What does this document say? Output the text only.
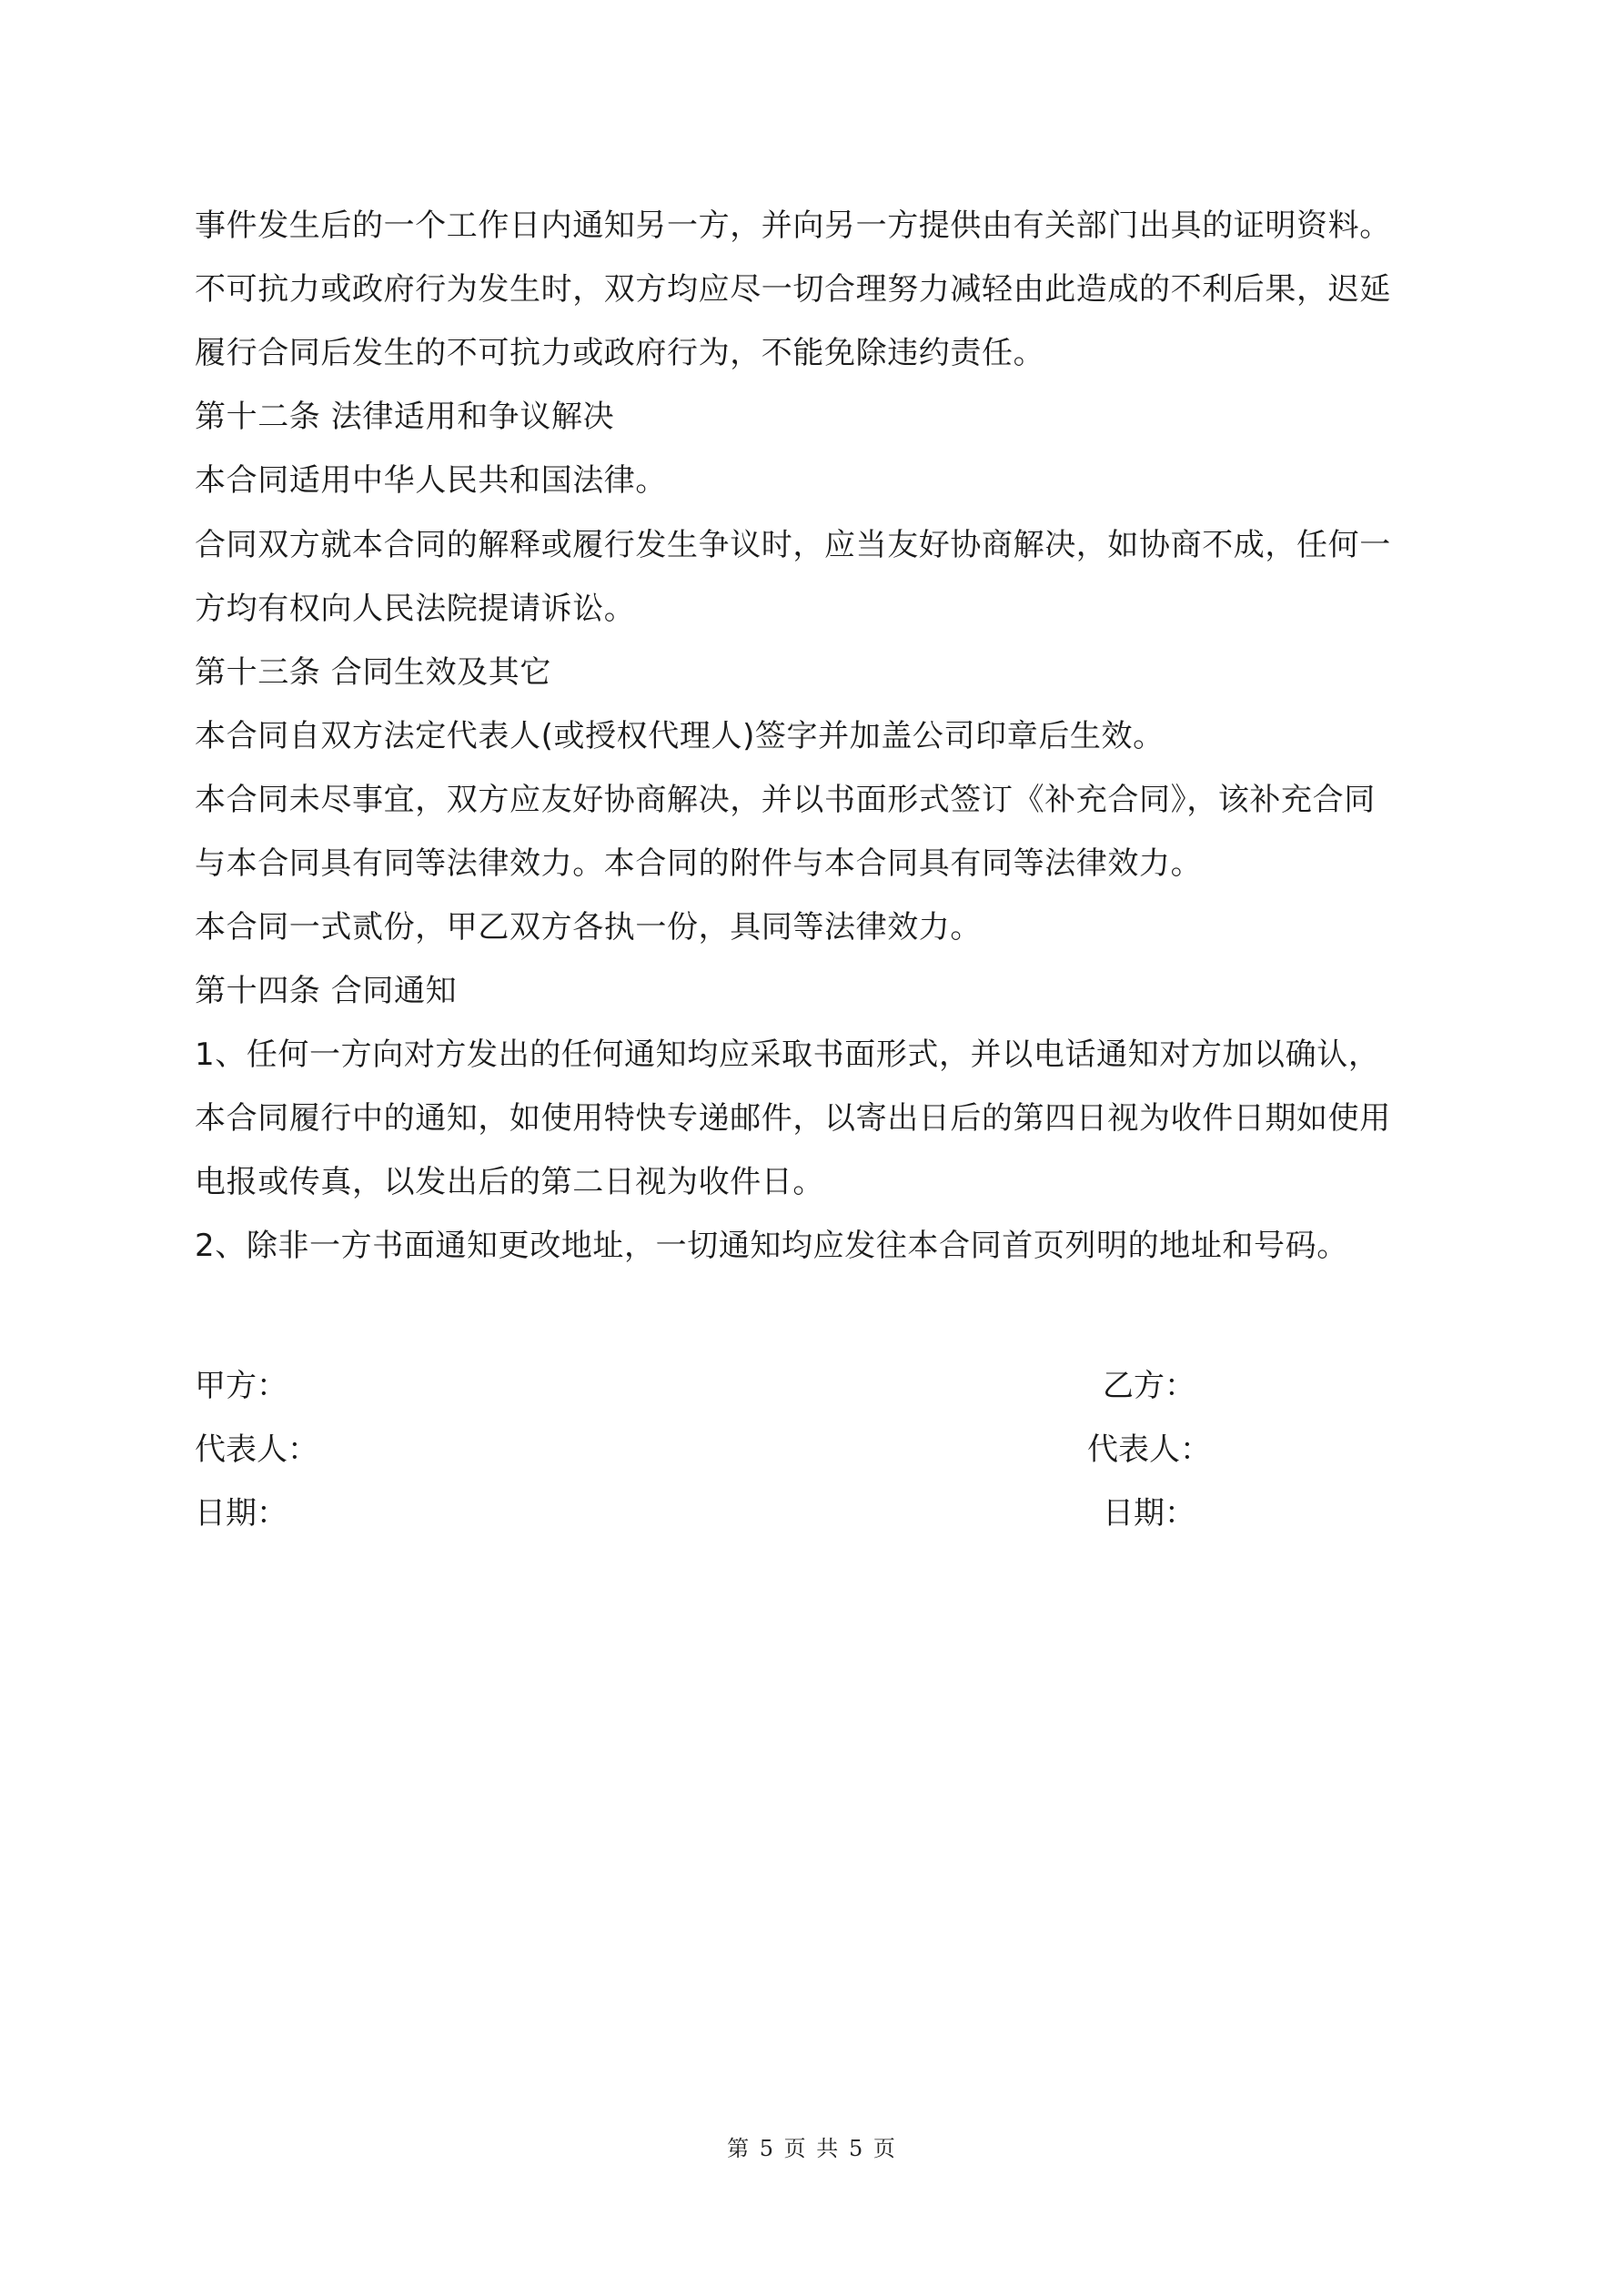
事件发生后的一个工作日内通知另一方，并向另一方提供由有关部门出具的证明资料。
不可抗力或政府行为发生时，双方均应尽一切合理努力减轻由此造成的不利后果，迟延
履行合同后发生的不可抗力或政府行为，不能免除违约责任。
第十二条 法律适用和争议解决
本合同适用中华人民共和国法律。
合同双方就本合同的解释或履行发生争议时，应当友好协商解决，如协商不成，任何一
方均有权向人民法院提请诉讼。
第十三条 合同生效及其它
本合同自双方法定代表人(或授权代理人)签字并加盖公司印章后生效。
本合同未尽事宜，双方应友好协商解决，并以书面形式签订《补充合同》，该补充合同
与本合同具有同等法律效力。本合同的附件与本合同具有同等法律效力。
本合同一式贰份，甲乙双方各执一份，具同等法律效力。
第十四条 合同通知
1、任何一方向对方发出的任何通知均应采取书面形式，并以电话通知对方加以确认，
本合同履行中的通知，如使用特快专递邮件，以寄出日后的第四日视为收件日期如使用
电报或传真，以发出后的第二日视为收件日。
2、除非一方书面通知更改地址，一切通知均应发往本合同首页列明的地址和号码。
甲方：	乙方：
代表人：	代表人：
日期：	日期：
第 5 页 共 5 页
